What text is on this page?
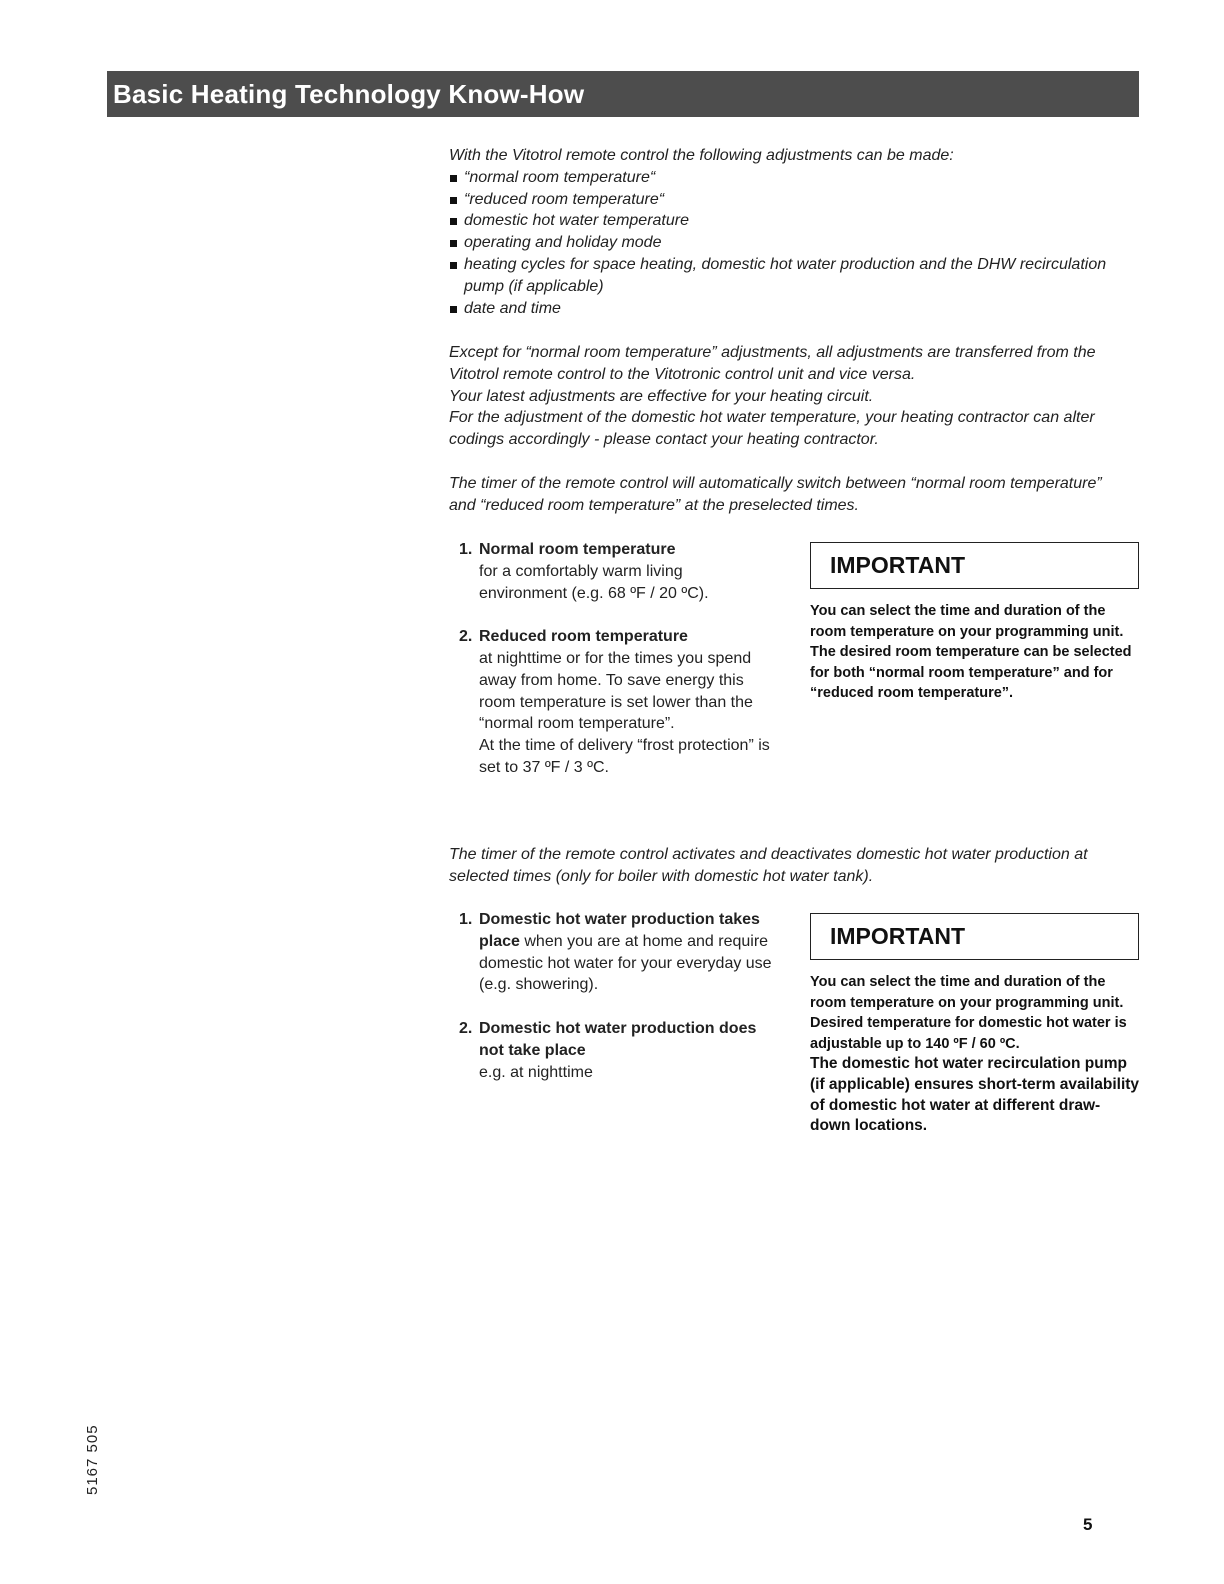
Basic Heating Technology Know-How

With the Vitotrol remote control the following adjustments can be made:

“normal room temperature“
“reduced room temperature“
domestic hot water temperature
operating and holiday mode
heating cycles for space heating, domestic hot water production and the DHW recirculation pump (if applicable)
date and time

Except for “normal room temperature” adjustments, all adjustments are transferred from the Vitotrol remote control to the Vitotronic control unit and vice versa.

Your latest adjustments are effective for your heating circuit.

For the adjustment of the domestic hot water temperature, your heating contractor can alter codings accordingly - please contact your heating contractor.

The timer of the remote control will automatically switch between “normal room temperature” and “reduced room temperature” at the preselected times.

1. Normal room temperature
for a comfortably warm living environment (e.g. 68 ºF / 20 ºC).
2. Reduced room temperature
at nighttime or for the times you spend away from home. To save energy this room temperature is set lower than the “normal room temperature”.
At the time of delivery “frost protection” is set to 37 ºF / 3 ºC.
IMPORTANT

You can select the time and duration of the room temperature on your programming unit.

The desired room temperature can be selected for both “normal room temperature” and for “reduced room temperature”.

The timer of the remote control activates and deactivates domestic hot water production at selected times (only for boiler with domestic hot water tank).

1. Domestic hot water production takes place when you are at home and require domestic hot water for your everyday use (e.g. showering).
2. Domestic hot water production does not take place
e.g. at nighttime
IMPORTANT

You can select the time and duration of the room temperature on your programming unit.

Desired temperature for domestic hot water is adjustable up to 140 ºF / 60 ºC.

The domestic hot water recirculation pump (if applicable) ensures short-term availability of domestic hot water at different draw-down locations.

5167 505
5
